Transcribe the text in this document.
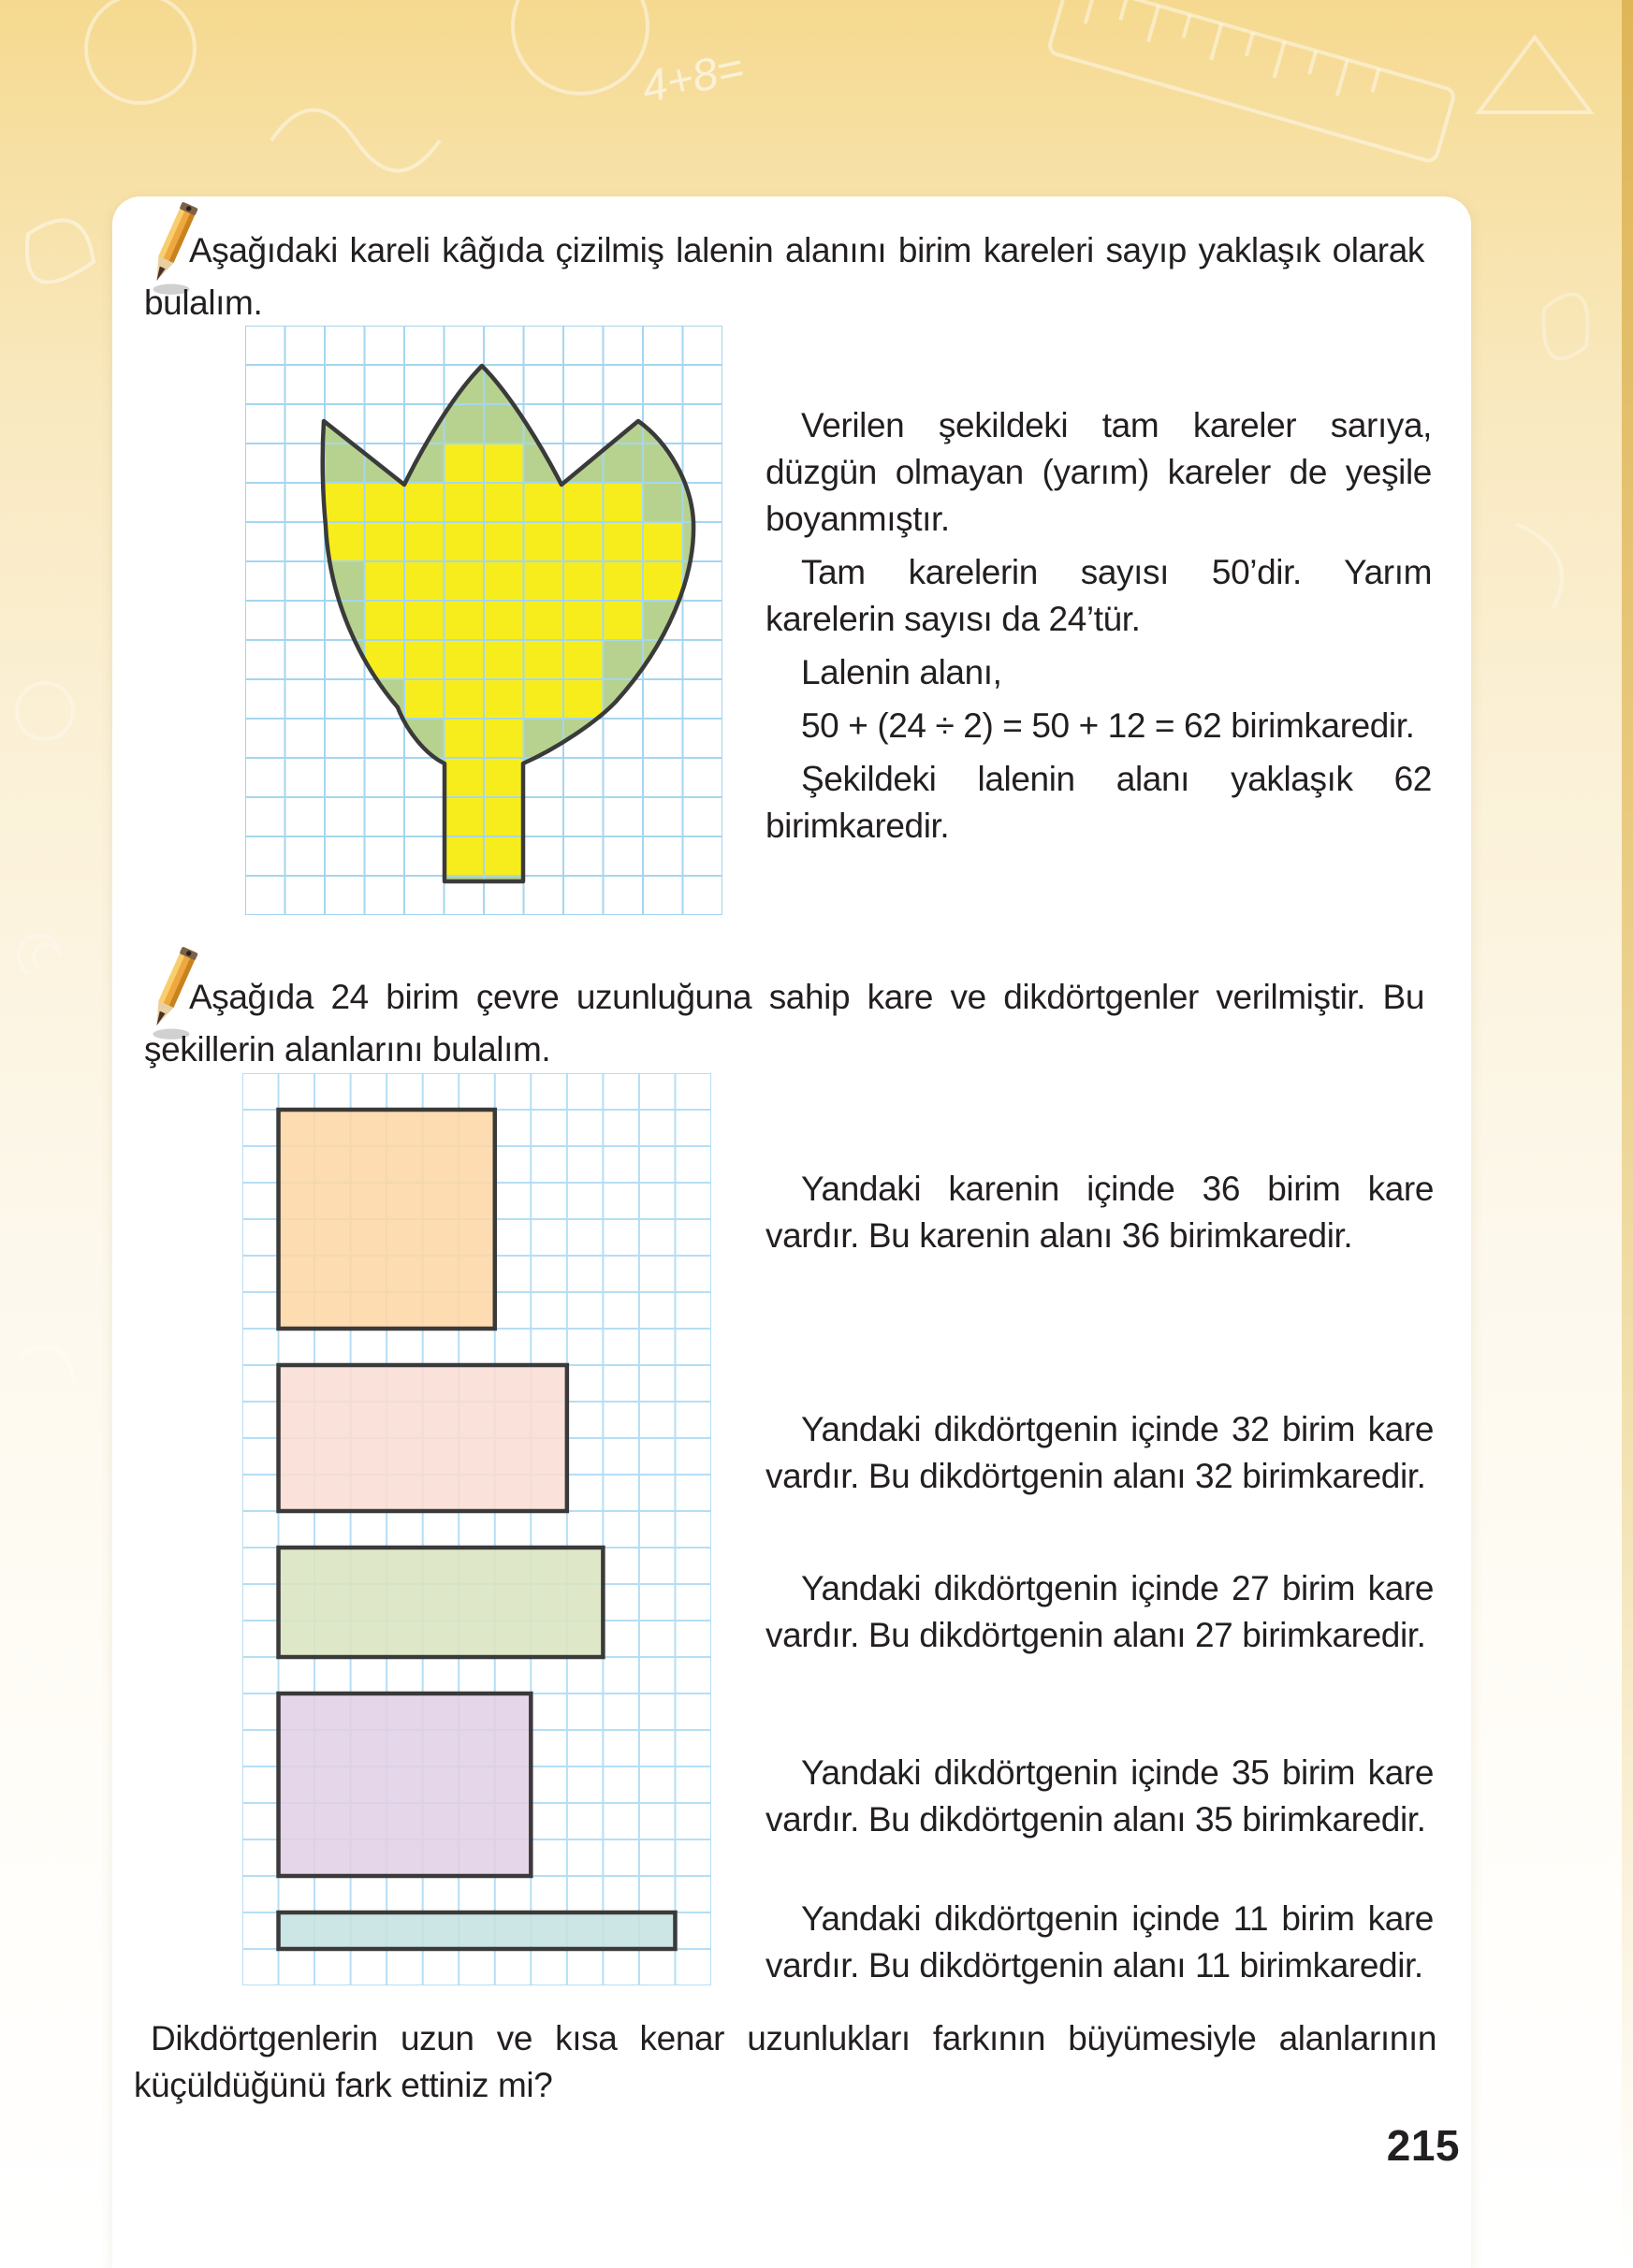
4+8=
Aşağıdaki kareli kâğıda çizilmiş lalenin alanını birim kareleri sayıp yaklaşık olarak bulalım.

Verilen şekildeki tam kareler sarıya, düzgün olmayan (yarım) kareler de yeşile boyanmıştır.

Tam karelerin sayısı 50’dir. Yarım karelerin sayısı da 24’tür.

Lalenin alanı,

50 + (24 ÷ 2) = 50 + 12 = 62 birimkaredir.

Şekildeki lalenin alanı yaklaşık 62 birimkaredir.

Aşağıda 24 birim çevre uzunluğuna sahip kare ve dikdörtgenler verilmiştir. Bu şekillerin alanlarını bulalım.
Yandaki karenin içinde 36 birim kare vardır. Bu karenin alanı 36 birimkaredir.
Yandaki dikdörtgenin içinde 32 birim kare vardır. Bu dikdörtgenin alanı 32 birimkaredir.
Yandaki dikdörtgenin içinde 27 birim kare vardır. Bu dikdörtgenin alanı 27 birimkaredir.
Yandaki dikdörtgenin içinde 35 birim kare vardır. Bu dikdörtgenin alanı 35 birimkaredir.
Yandaki dikdörtgenin içinde 11 birim kare vardır. Bu dikdörtgenin alanı 11 birimkaredir.
Dikdörtgenlerin uzun ve kısa kenar uzunlukları farkının büyümesiyle alanlarının küçüldüğünü fark ettiniz mi?
215
